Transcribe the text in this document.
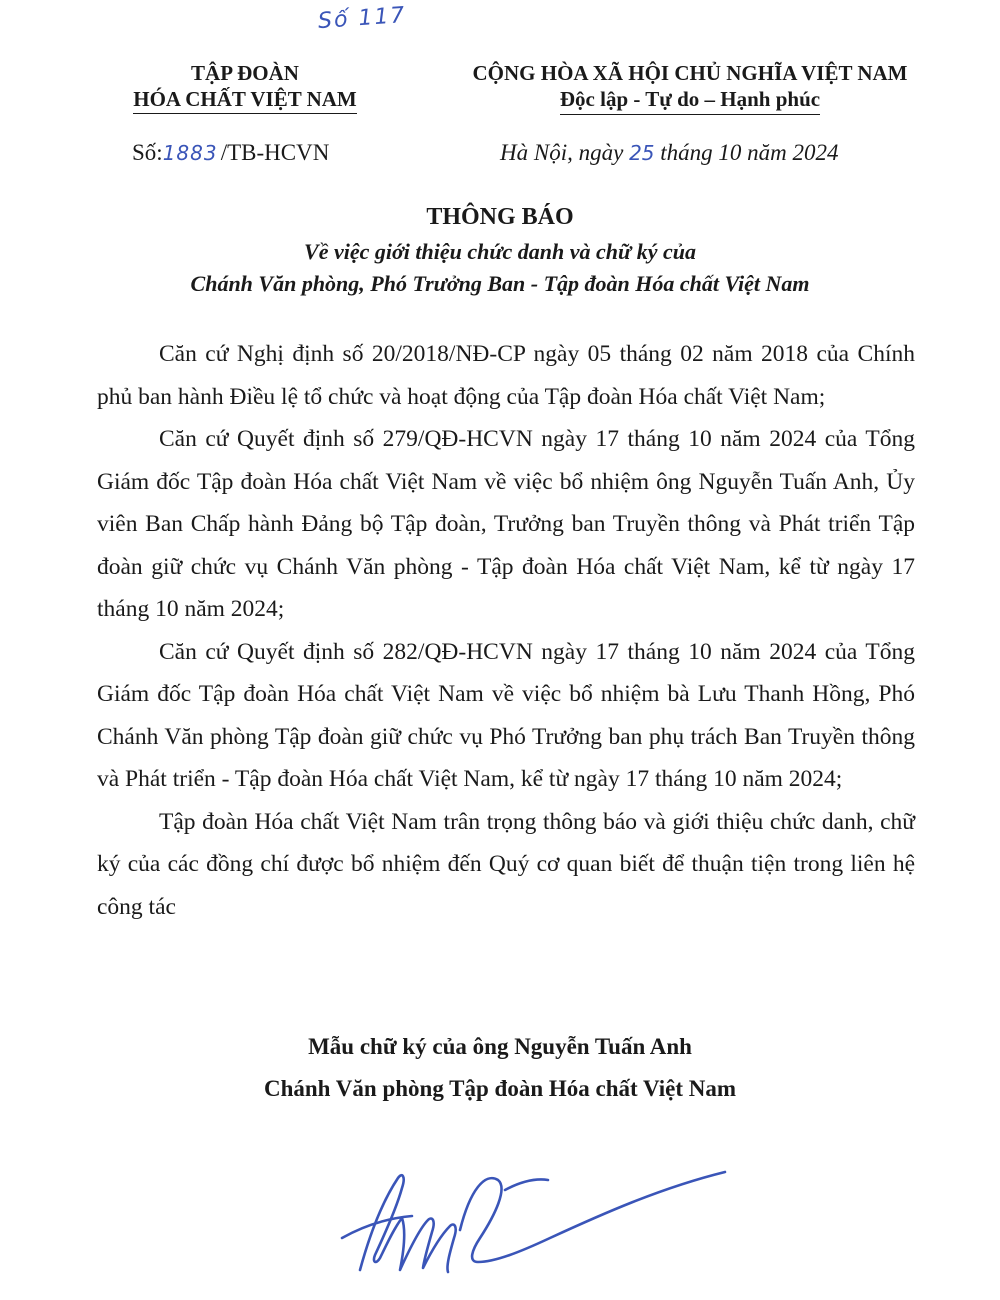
Số 117
TẬP ĐOÀN
HÓA CHẤT VIỆT NAM
CỘNG HÒA XÃ HỘI CHỦ NGHĨA VIỆT NAM
Độc lập - Tự do – Hạnh phúc
Số:1883 /TB-HCVN	Hà Nội, ngày 25 tháng 10 năm 2024
THÔNG BÁO
Về việc giới thiệu chức danh và chữ ký của
Chánh Văn phòng, Phó Trưởng Ban - Tập đoàn Hóa chất Việt Nam

Căn cứ Nghị định số 20/2018/NĐ-CP ngày 05 tháng 02 năm 2018 của Chính phủ ban hành Điều lệ tổ chức và hoạt động của Tập đoàn Hóa chất Việt Nam;

Căn cứ Quyết định số 279/QĐ-HCVN ngày 17 tháng 10 năm 2024 của Tổng Giám đốc Tập đoàn Hóa chất Việt Nam về việc bổ nhiệm ông Nguyễn Tuấn Anh, Ủy viên Ban Chấp hành Đảng bộ Tập đoàn, Trưởng ban Truyền thông và Phát triển Tập đoàn giữ chức vụ Chánh Văn phòng - Tập đoàn Hóa chất Việt Nam, kể từ ngày 17 tháng 10 năm 2024;

Căn cứ Quyết định số 282/QĐ-HCVN ngày 17 tháng 10 năm 2024 của Tổng Giám đốc Tập đoàn Hóa chất Việt Nam về việc bổ nhiệm bà Lưu Thanh Hồng, Phó Chánh Văn phòng Tập đoàn giữ chức vụ Phó Trưởng ban phụ trách Ban Truyền thông và Phát triển - Tập đoàn Hóa chất Việt Nam, kể từ ngày 17 tháng 10 năm 2024;

Tập đoàn Hóa chất Việt Nam trân trọng thông báo và giới thiệu chức danh, chữ ký của các đồng chí được bổ nhiệm đến Quý cơ quan biết để thuận tiện trong liên hệ công tác

Mẫu chữ ký của ông Nguyễn Tuấn Anh
Chánh Văn phòng Tập đoàn Hóa chất Việt Nam
